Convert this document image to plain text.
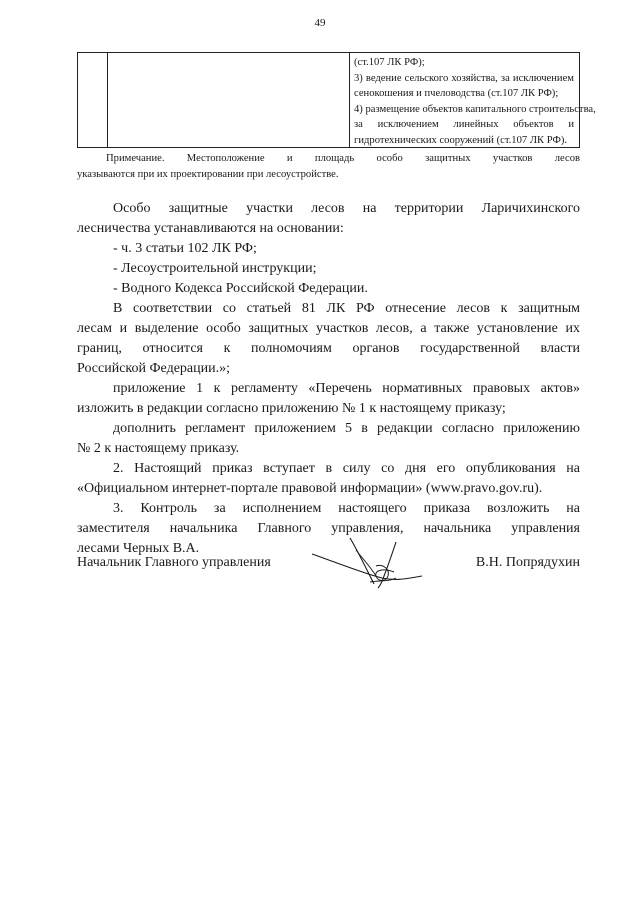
49
(ст.107 ЛК РФ);
3) ведение сельского хозяйства, за исключением
сенокошения и пчеловодства (ст.107 ЛК РФ);
4) размещение объектов капитального строительства,
за исключением линейных объектов и
гидротехнических сооружений (ст.107 ЛК РФ).
Примечание. Местоположение и площадь особо защитных участков лесов
указываются при их проектировании при лесоустройстве.
Особо защитные участки лесов на территории Ларичихинского
лесничества устанавливаются на основании:
- ч. 3 статьи 102 ЛК РФ;
- Лесоустроительной инструкции;
- Водного Кодекса Российской Федерации.
В соответствии со статьей 81 ЛК РФ отнесение лесов к защитным
лесам и выделение особо защитных участков лесов, а также установление их
границ, относится к полномочиям органов государственной власти
Российской Федерации.»;
приложение 1 к регламенту «Перечень нормативных правовых актов»
изложить в редакции согласно приложению № 1 к настоящему приказу;
дополнить регламент приложением 5 в редакции согласно приложению
№ 2 к настоящему приказу.
2. Настоящий приказ вступает в силу со дня его опубликования на
«Официальном интернет-портале правовой информации» (www.pravo.gov.ru).
3. Контроль за исполнением настоящего приказа возложить на
заместителя начальника Главного управления, начальника управления
лесами Черных В.А.
Начальник Главного управления	В.Н. Попрядухин
